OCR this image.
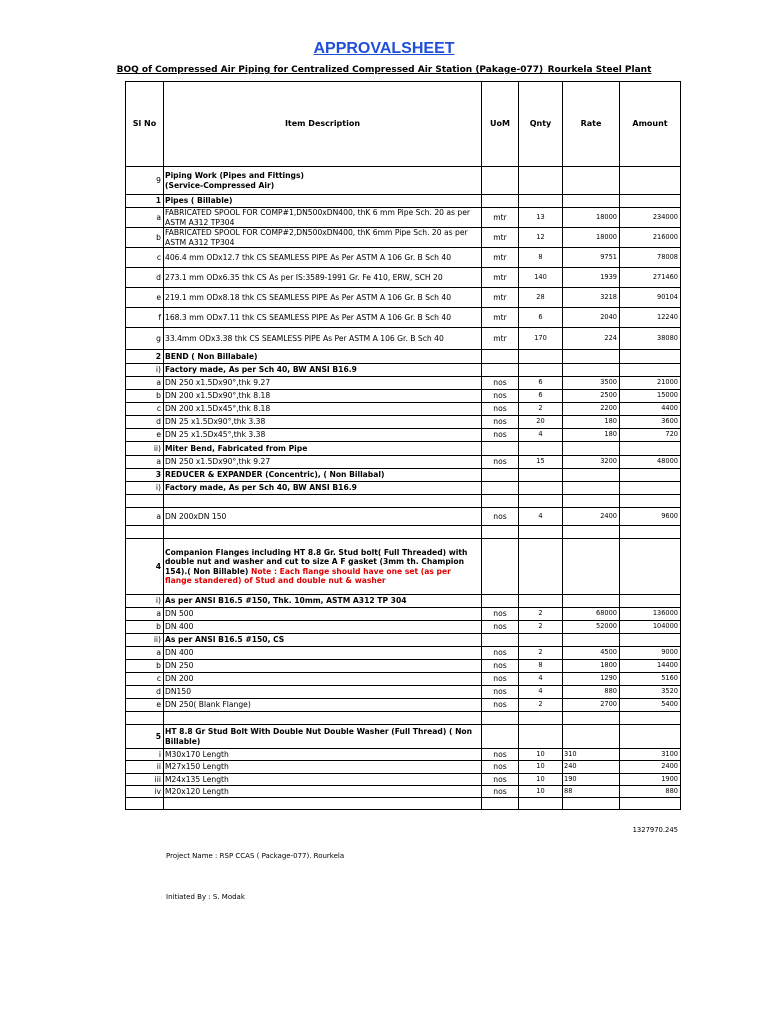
APPROVALSHEET
BOQ of Compressed Air Piping for Centralized Compressed Air Station (Pakage-077)_Rourkela Steel Plant
Sl No	Item Description	UoM	Qnty	Rate	Amount
9	Piping Work (Pipes and Fittings)
(Service-Compressed Air)				
1	Pipes ( Billable)				
a	FABRICATED SPOOL FOR COMP#1,DN500xDN400, thK 6 mm Pipe Sch. 20 as per ASTM A312 TP304	mtr	13	18000	234000
b	FABRICATED SPOOL FOR COMP#2,DN500xDN400, thK 6mm Pipe Sch. 20 as per ASTM A312 TP304	mtr	12	18000	216000
c	406.4 mm ODx12.7 thk CS SEAMLESS PIPE As Per ASTM A 106 Gr. B Sch 40	mtr	8	9751	78008
d	273.1 mm ODx6.35 thk CS As per IS:3589-1991 Gr. Fe 410, ERW, SCH 20	mtr	140	1939	271460
e	219.1 mm ODx8.18 thk CS SEAMLESS PIPE As Per ASTM A 106 Gr. B Sch 40	mtr	28	3218	90104
f	168.3 mm ODx7.11 thk CS SEAMLESS PIPE As Per ASTM A 106 Gr. B Sch 40	mtr	6	2040	12240
g	33.4mm ODx3.38 thk CS SEAMLESS PIPE As Per ASTM A 106 Gr. B Sch 40	mtr	170	224	38080
2	BEND ( Non Billabale)				
i)	Factory made, As per Sch 40, BW ANSI B16.9				
a	DN 250 x1.5Dx90°,thk 9.27	nos	6	3500	21000
b	DN 200 x1.5Dx90°,thk 8.18	nos	6	2500	15000
c	DN 200 x1.5Dx45°,thk 8.18	nos	2	2200	4400
d	DN 25 x1.5Dx90°,thk 3.38	nos	20	180	3600
e	DN 25 x1.5Dx45°,thk 3.38	nos	4	180	720
ii)	Miter Bend, Fabricated from Pipe				
a	DN 250 x1.5Dx90°,thk 9.27	nos	15	3200	48000
3	REDUCER & EXPANDER (Concentric), ( Non Billabal)				
i)	Factory made, As per Sch 40, BW ANSI B16.9				

a	DN 200xDN 150	nos	4	2400	9600

4	Companion Flanges including HT 8.8 Gr. Stud bolt( Full Threaded) with double nut and washer and cut to size A F gasket (3mm th. Champion 154).( Non Billable) Note : Each flange should have one set (as per flange standered) of Stud and double nut & washer				
i)	As per ANSI B16.5 #150, Thk. 10mm, ASTM A312 TP 304				
a	DN 500	nos	2	68000	136000
b	DN 400	nos	2	52000	104000
ii)	As per ANSI B16.5 #150, CS				
a	DN 400	nos	2	4500	9000
b	DN 250	nos	8	1800	14400
c	DN 200	nos	4	1290	5160
d	DN150	nos	4	880	3520
e	DN 250( Blank Flange)	nos	2	2700	5400

5	HT 8.8 Gr Stud Bolt With Double Nut Double Washer (Full Thread) ( Non Billable)				
i	M30x170 Length	nos	10	310	3100
ii	M27x150 Length	nos	10	240	2400
iii	M24x135 Length	nos	10	190	1900
iv	M20x120 Length	nos	10	88	880

1327970.245
Project Name : RSP CCAS ( Package-077). Rourkela
Initiated By : S. Modak
